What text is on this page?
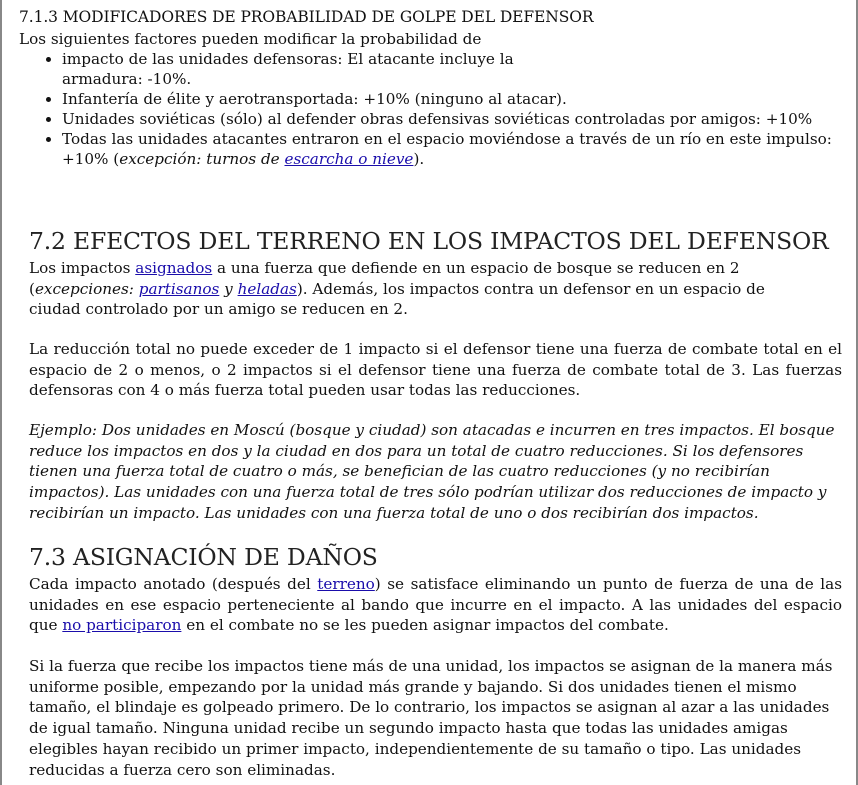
7.1.3 MODIFICADORES DE PROBABILIDAD DE GOLPE DEL DEFENSOR

Los siguientes factores pueden modificar la probabilidad de

• impacto de las unidades defensoras: El atacante incluye la armadura: -10%.
• Infantería de élite y aerotransportada: +10% (ninguno al atacar).
• Unidades soviéticas (sólo) al defender obras defensivas soviéticas controladas por amigos: +10%
• Todas las unidades atacantes entraron en el espacio moviéndose a través de un río en este impulso: +10% (excepción: turnos de escarcha o nieve).
7.2 EFECTOS DEL TERRENO EN LOS IMPACTOS DEL DEFENSOR

Los impactos asignados a una fuerza que defiende en un espacio de bosque se reducen en 2 (excepciones: partisanos y heladas). Además, los impactos contra un defensor en un espacio de ciudad controlado por un amigo se reducen en 2.

La reducción total no puede exceder de 1 impacto si el defensor tiene una fuerza de combate total en el espacio de 2 o menos, o 2 impactos si el defensor tiene una fuerza de combate total de 3. Las fuerzas defensoras con 4 o más fuerza total pueden usar todas las reducciones.

Ejemplo: Dos unidades en Moscú (bosque y ciudad) son atacadas e incurren en tres impactos. El bosque reduce los impactos en dos y la ciudad en dos para un total de cuatro reducciones. Si los defensores tienen una fuerza total de cuatro o más, se benefician de las cuatro reducciones (y no recibirían impactos). Las unidades con una fuerza total de tres sólo podrían utilizar dos reducciones de impacto y recibirían un impacto. Las unidades con una fuerza total de uno o dos recibirían dos impactos.

7.3 ASIGNACIÓN DE DAÑOS

Cada impacto anotado (después del terreno) se satisface eliminando un punto de fuerza de una de las unidades en ese espacio perteneciente al bando que incurre en el impacto. A las unidades del espacio que no participaron en el combate no se les pueden asignar impactos del combate.

Si la fuerza que recibe los impactos tiene más de una unidad, los impactos se asignan de la manera más uniforme posible, empezando por la unidad más grande y bajando. Si dos unidades tienen el mismo tamaño, el blindaje es golpeado primero. De lo contrario, los impactos se asignan al azar a las unidades de igual tamaño. Ninguna unidad recibe un segundo impacto hasta que todas las unidades amigas elegibles hayan recibido un primer impacto, independientemente de su tamaño o tipo. Las unidades reducidas a fuerza cero son eliminadas.
